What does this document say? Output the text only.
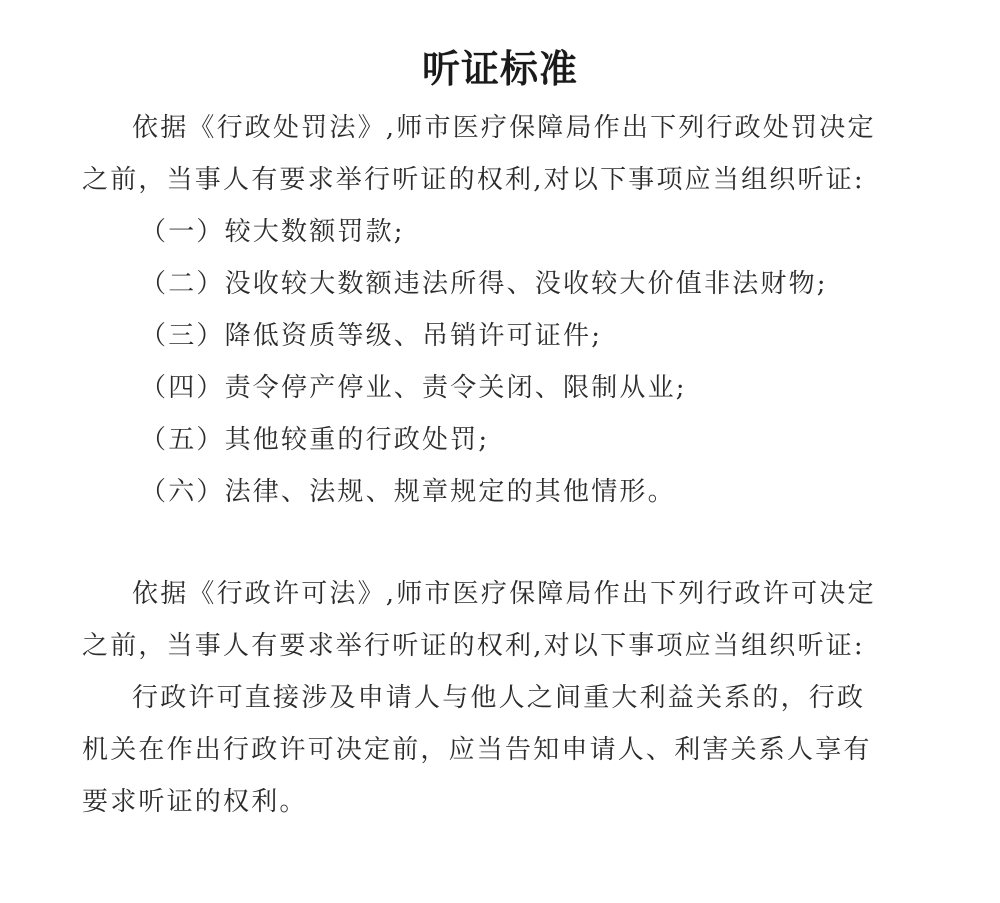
听证标准

依据《行政处罚法》,师市医疗保障局作出下列行政处罚决定

之前，当事人有要求举行听证的权利,对以下事项应当组织听证:

（一）较大数额罚款;

（二）没收较大数额违法所得、没收较大价值非法财物;

（三）降低资质等级、吊销许可证件;

（四）责令停产停业、责令关闭、限制从业;

（五）其他较重的行政处罚;

（六）法律、法规、规章规定的其他情形。

依据《行政许可法》,师市医疗保障局作出下列行政许可决定

之前，当事人有要求举行听证的权利,对以下事项应当组织听证:

行政许可直接涉及申请人与他人之间重大利益关系的，行政

机关在作出行政许可决定前，应当告知申请人、利害关系人享有

要求听证的权利。
